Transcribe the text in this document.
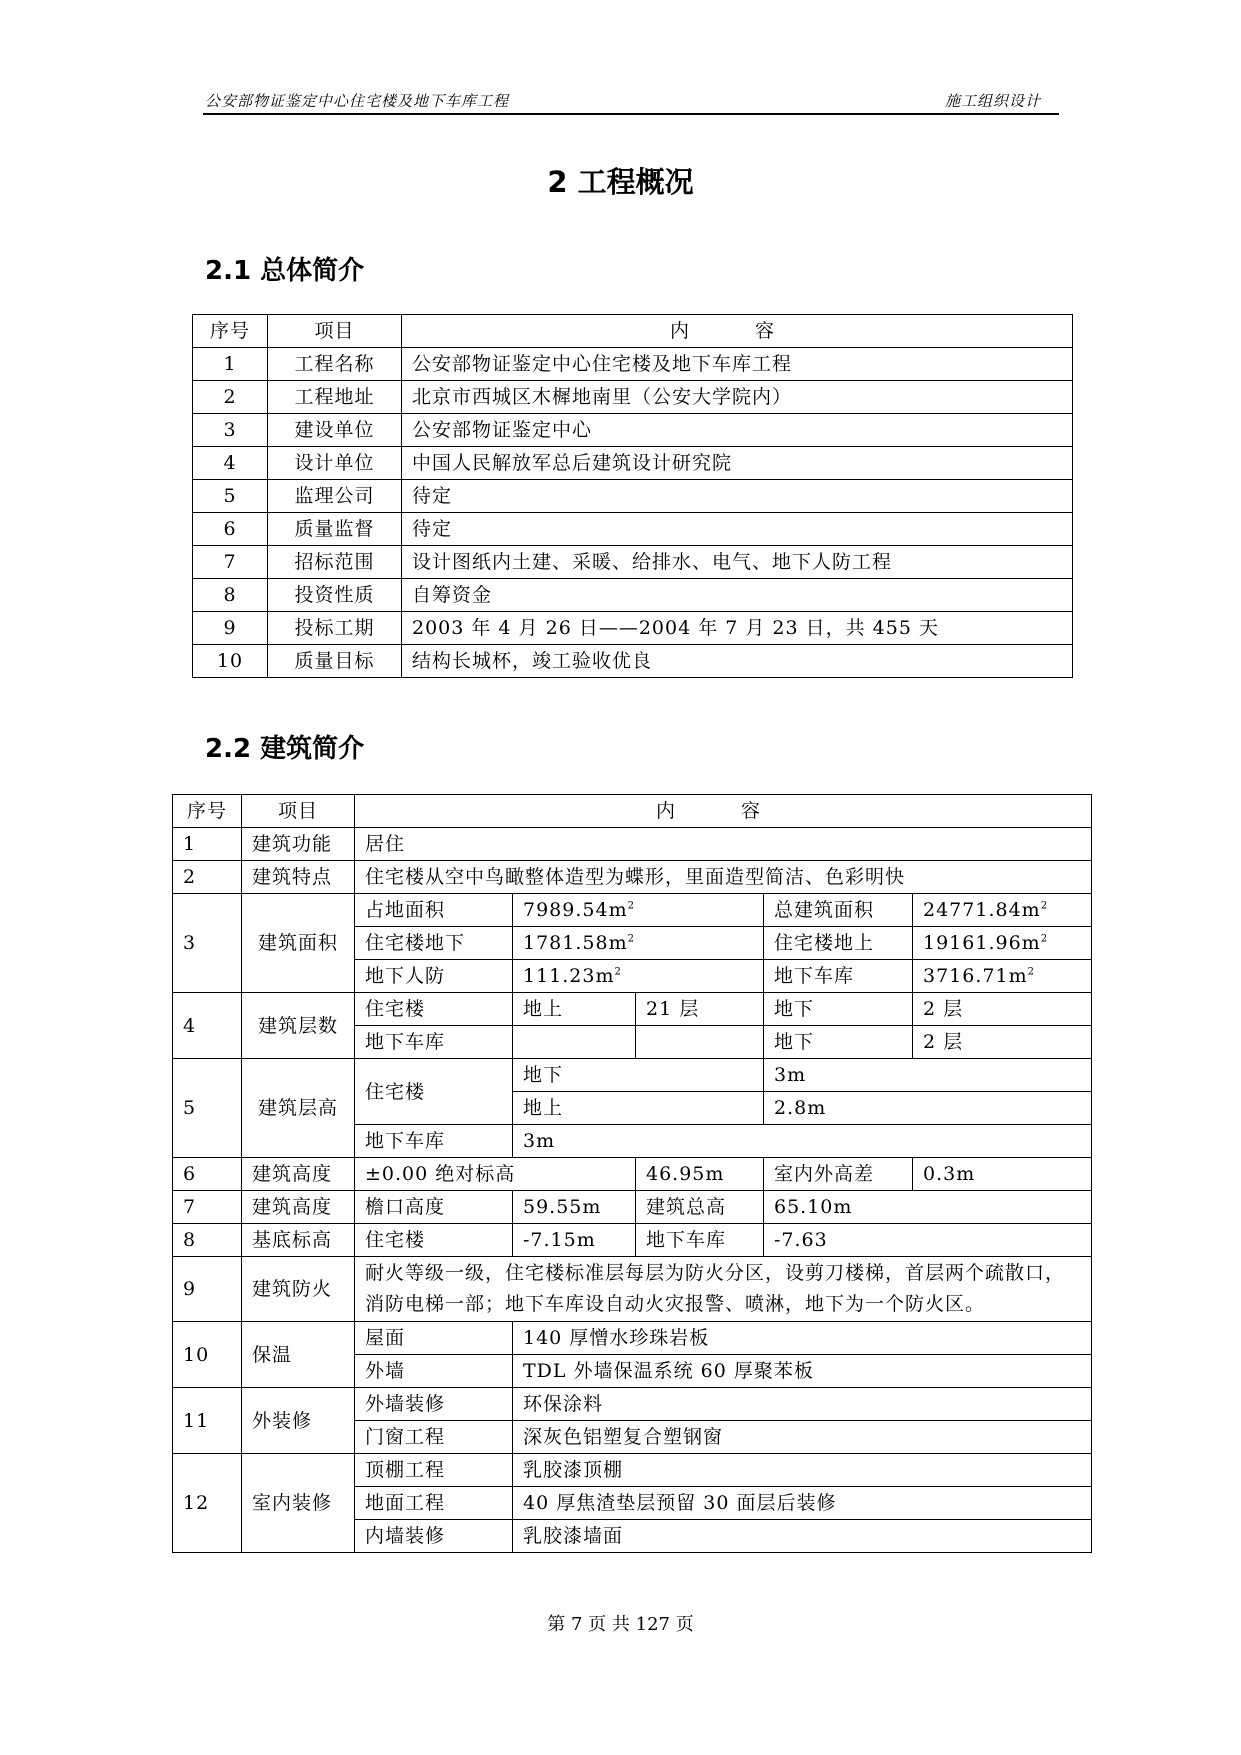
公安部物证鉴定中心住宅楼及地下车库工程	施工组织设计
2 工程概况
2.1 总体简介
序号	项目	内 容
1	工程名称	公安部物证鉴定中心住宅楼及地下车库工程
2	工程地址	北京市西城区木樨地南里（公安大学院内）
3	建设单位	公安部物证鉴定中心
4	设计单位	中国人民解放军总后建筑设计研究院
5	监理公司	待定
6	质量监督	待定
7	招标范围	设计图纸内土建、采暖、给排水、电气、地下人防工程
8	投资性质	自筹资金
9	投标工期	2003 年 4 月 26 日——2004 年 7 月 23 日，共 455 天
10	质量目标	结构长城杯，竣工验收优良
2.2 建筑简介
序号	项目	内 容				
1	建筑功能	居住				
2	建筑特点	住宅楼从空中鸟瞰整体造型为蝶形，里面造型简洁、色彩明快				
3	建筑面积	占地面积	$7989.54m^2$		总建筑面积	$24771.84m^2$
		住宅楼地下	$1781.58m^2$		住宅楼地上	$19161.96m^2$
		地下人防	$111.23m^2$		地下车库	$3716.71m^2$
4	建筑层数	住宅楼	地上	21 层	地下	2 层
		地下车库			地下	2 层
5	建筑层高	住宅楼	地下		3m	
			地上		2.8m	
		地下车库	3m			
6	建筑高度	±0.00 绝对标高		46.95m	室内外高差	0.3m
7	建筑高度	檐口高度	59.55m	建筑总高	65.10m	
8	基底标高	住宅楼	-7.15m	地下车库	-7.63	
9	建筑防火	耐火等级一级，住宅楼标准层每层为防火分区，设剪刀楼梯，首层两个疏散口，消防电梯一部；地下车库设自动火灾报警、喷淋，地下为一个防火区。				
10	保温	屋面	140 厚憎水珍珠岩板			
		外墙	TDL 外墙保温系统 60 厚聚苯板			
11	外装修	外墙装修	环保涂料			
		门窗工程	深灰色铝塑复合塑钢窗			
12	室内装修	顶棚工程	乳胶漆顶棚			
		地面工程	40 厚焦渣垫层预留 30 面层后装修			
		内墙装修	乳胶漆墙面			
第 7 页 共 127 页
